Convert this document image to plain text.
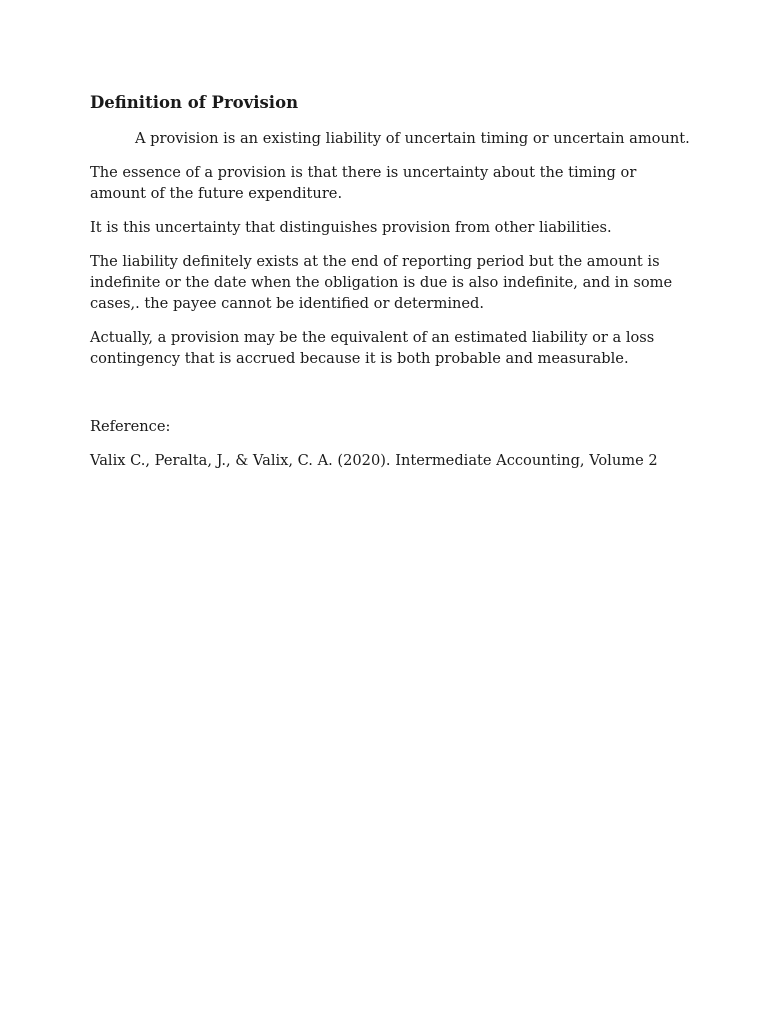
Definition of Provision

A provision is an existing liability of uncertain timing or uncertain amount.

The essence of a provision is that there is uncertainty about the timing or amount of the future expenditure.

It is this uncertainty that distinguishes provision from other liabilities.

The liability definitely exists at the end of reporting period but the amount is indefinite or the date when the obligation is due is also indefinite, and in some cases,. the payee cannot be identified or determined.

Actually, a provision may be the equivalent of an estimated liability or a loss contingency that is accrued because it is both probable and measurable.

Reference:

Valix C., Peralta, J., & Valix, C. A. (2020). Intermediate Accounting, Volume 2
